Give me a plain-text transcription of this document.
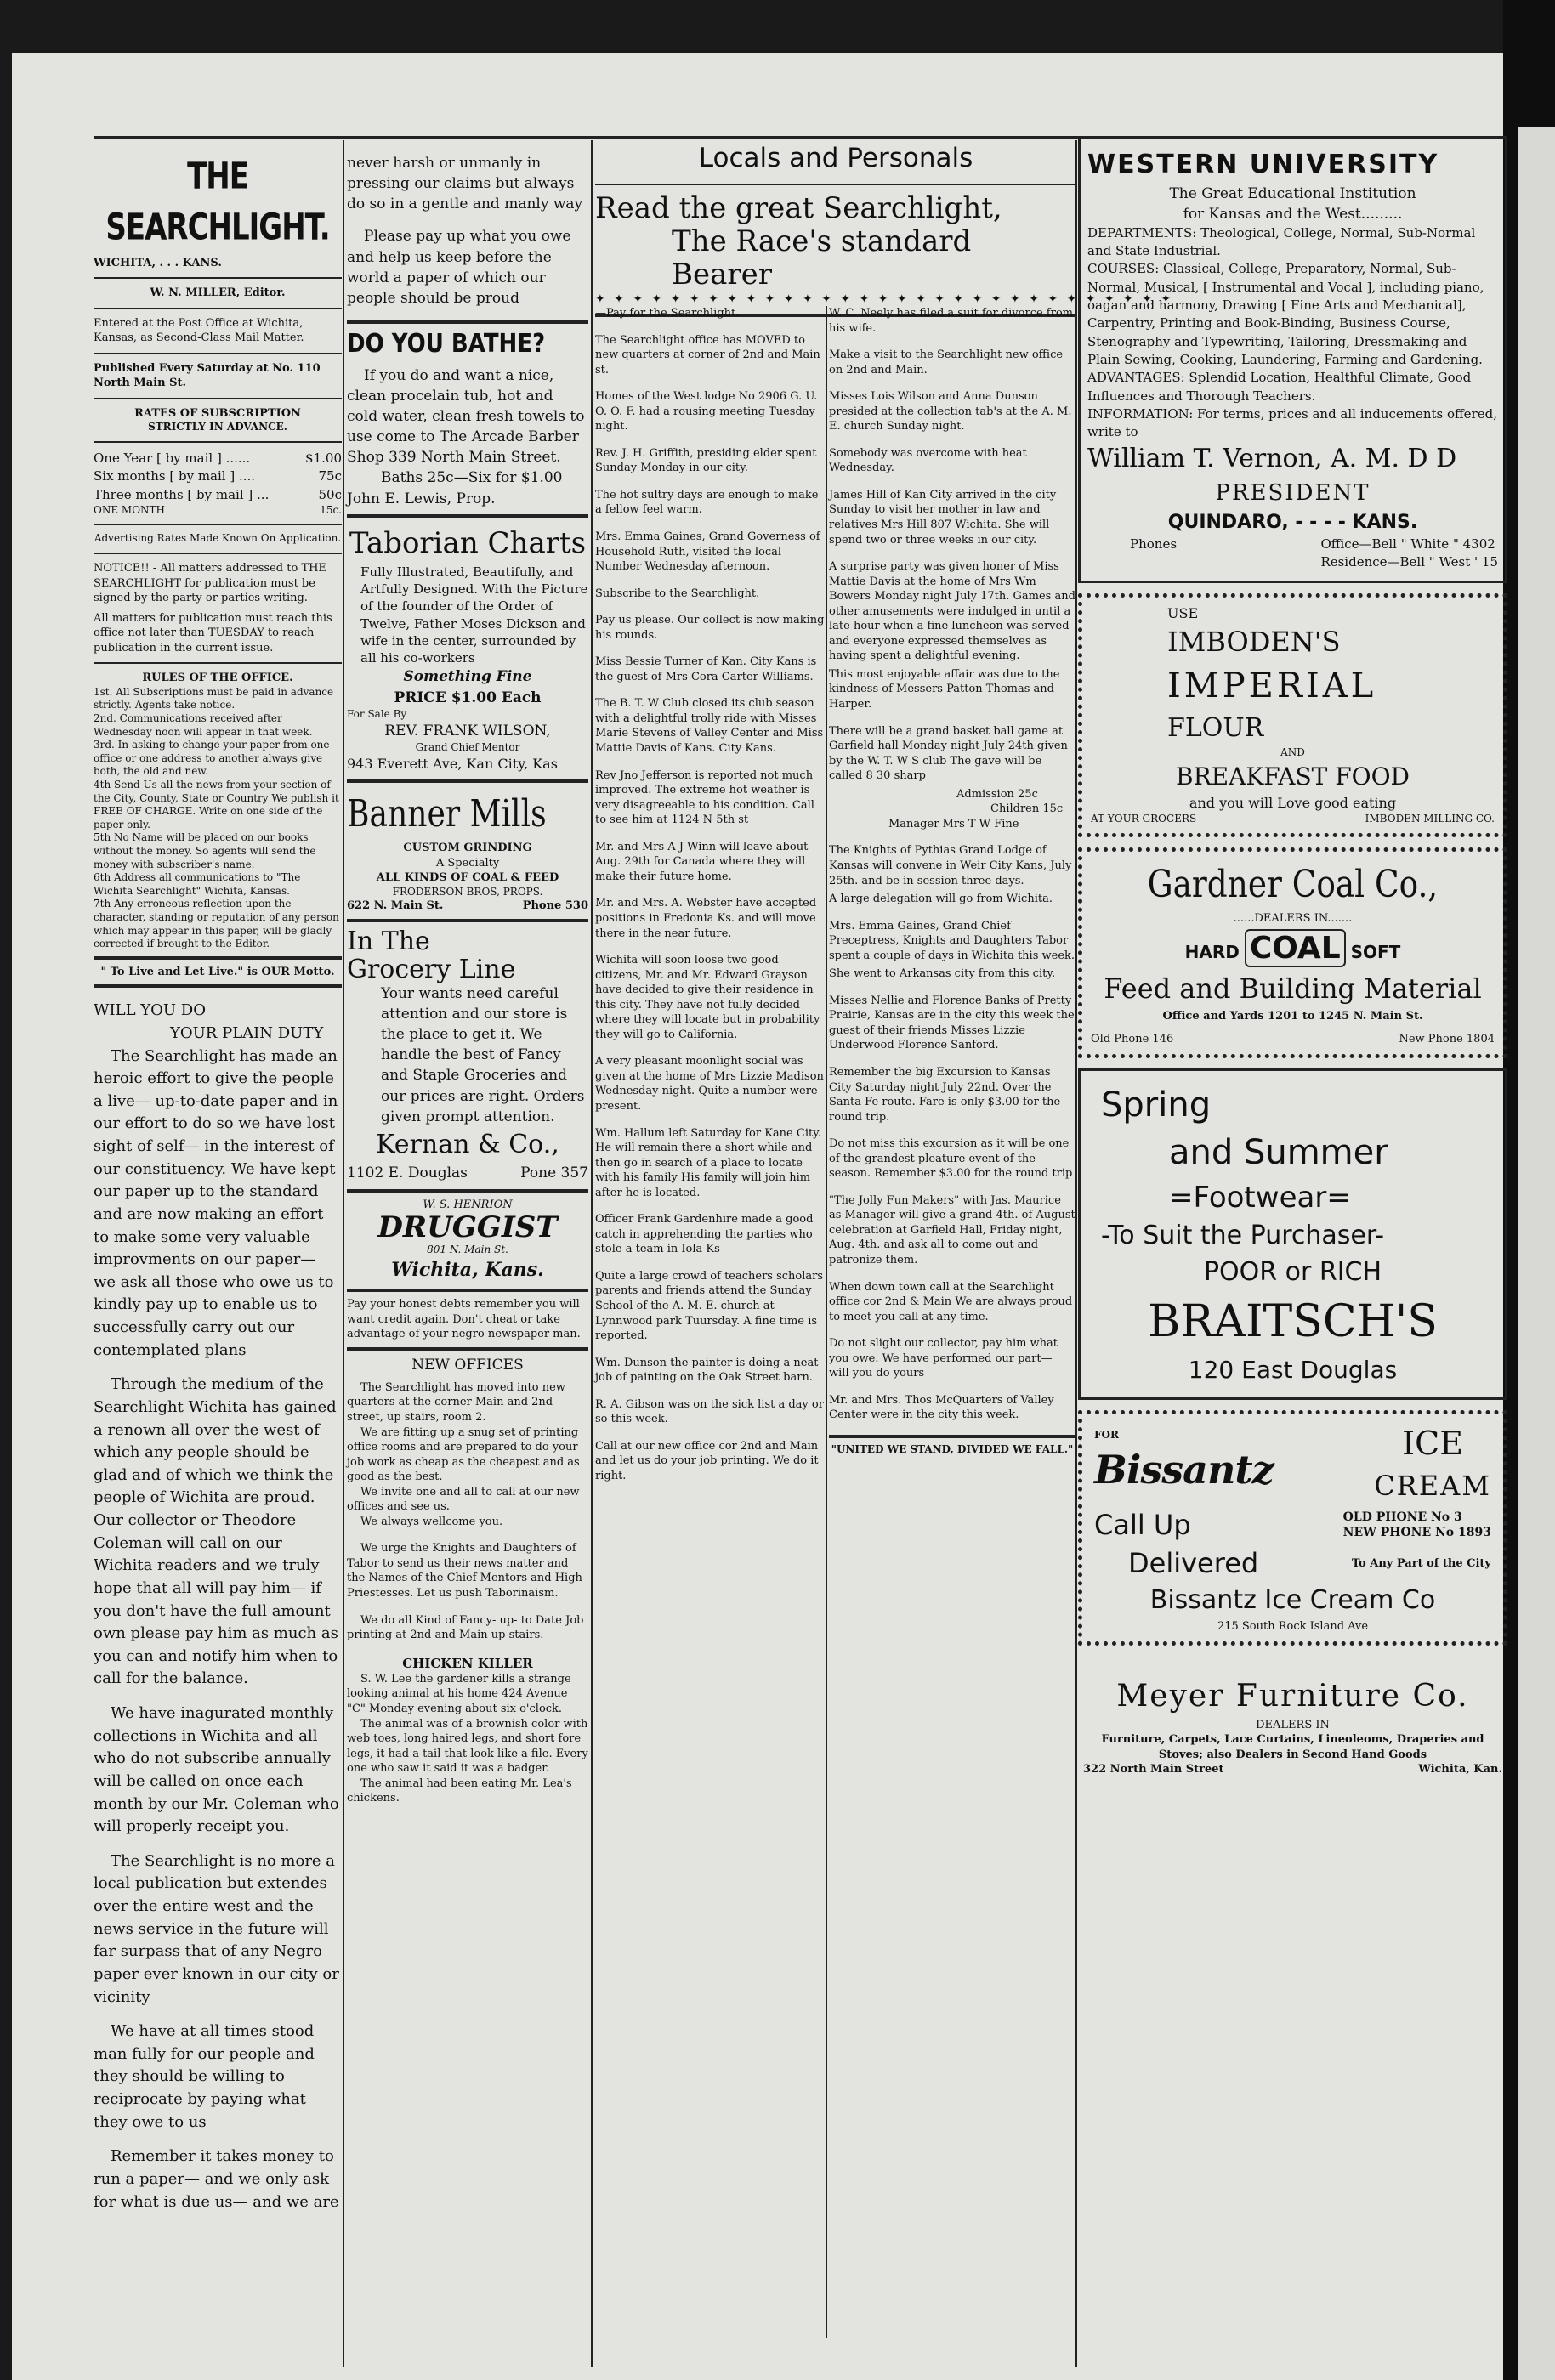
THE SEARCHLIGHT.
WICHITA, . . . KANS.
W. N. MILLER, Editor.
Entered at the Post Office at Wichita, Kansas, as Second-Class Mail Matter.
Published Every Saturday at No. 110 North Main St.
RATES OF SUBSCRIPTION
STRICTLY IN ADVANCE.
One Year [ by mail ] ......	$1.00
Six months [ by mail ] ....	75c
Three months [ by mail ] ...	50c
ONE MONTH	15c.
Advertising Rates Made Known On Application.
NOTICE!! - All matters addressed to THE SEARCHLIGHT for publication must be signed by the party or parties writing.
All matters for publication must reach this office not later than TUESDAY to reach publication in the current issue.
RULES OF THE OFFICE.
1st. All Subscriptions must be paid in advance strictly. Agents take notice.
2nd. Communications received after Wednesday noon will appear in that week.
3rd. In asking to change your paper from one office or one address to another always give both, the old and new.
4th Send Us all the news from your section of the City, County, State or Country We publish it FREE OF CHARGE. Write on one side of the paper only.
5th No Name will be placed on our books without the money. So agents will send the money with subscriber's name.
6th Address all communications to "The Wichita Searchlight" Wichita, Kansas.
7th Any erroneous reflection upon the character, standing or reputation of any person which may appear in this paper, will be gladly corrected if brought to the Editor.
" To Live and Let Live." is OUR Motto.
WILL YOU DO
YOUR PLAIN DUTY

The Searchlight has made an heroic effort to give the people a live— up-to-date paper and in our effort to do so we have lost sight of self— in the interest of our constituency. We have kept our paper up to the standard and are now making an effort to make some very valuable improvments on our paper— we ask all those who owe us to kindly pay up to enable us to successfully carry out our contemplated plans

Through the medium of the Searchlight Wichita has gained a renown all over the west of which any people should be glad and of which we think the people of Wichita are proud. Our collector or Theodore Coleman will call on our Wichita readers and we truly hope that all will pay him— if you don't have the full amount own please pay him as much as you can and notify him when to call for the balance.

We have inagurated monthly collections in Wichita and all who do not subscribe annually will be called on once each month by our Mr. Coleman who will properly receipt you.

The Searchlight is no more a local publication but extendes over the entire west and the news service in the future will far surpass that of any Negro paper ever known in our city or vicinity

We have at all times stood man fully for our people and they should be willing to reciprocate by paying what they owe to us

Remember it takes money to run a paper— and we only ask for what is due us— and we are

never harsh or unmanly in pressing our claims but always do so in a gentle and manly way

Please pay up what you owe and help us keep before the world a paper of which our people should be proud

DO YOU BATHE?
If you do and want a nice, clean procelain tub, hot and cold water, clean fresh towels to use come to The Arcade Barber Shop 339 North Main Street.
Baths 25c—Six for $1.00
John E. Lewis, Prop.
Taborian Charts
Fully Illustrated, Beautifully, and Artfully Designed. With the Picture of the founder of the Order of Twelve, Father Moses Dickson and wife in the center, surrounded by all his co-workers
Something Fine
PRICE $1.00 Each
For Sale By
REV. FRANK WILSON,
Grand Chief Mentor
943 Everett Ave, Kan City, Kas
Banner Mills
CUSTOM GRINDING
A Specialty
ALL KINDS OF COAL & FEED
FRODERSON BROS, PROPS.
622 N. Main St.	Phone 530
In The
Grocery Line
Your wants need careful attention and our store is the place to get it. We handle the best of Fancy and Staple Groceries and our prices are right. Orders given prompt attention.
Kernan & Co.,
1102 E. Douglas	Pone 357
W. S. HENRION
DRUGGIST
801 N. Main St.
Wichita, Kans.
Pay your honest debts remember you will want credit again. Don't cheat or take advantage of your negro newspaper man.
NEW OFFICES
The Searchlight has moved into new quarters at the corner Main and 2nd street, up stairs, room 2.
We are fitting up a snug set of printing office rooms and are prepared to do your job work as cheap as the cheapest and as good as the best.
We invite one and all to call at our new offices and see us.
We always wellcome you.
We urge the Knights and Daughters of Tabor to send us their news matter and the Names of the Chief Mentors and High Priestesses. Let us push Taborinaism.
We do all Kind of Fancy- up- to Date Job printing at 2nd and Main up stairs.
CHICKEN KILLER
S. W. Lee the gardener kills a strange looking animal at his home 424 Avenue "C" Monday evening about six o'clock.
The animal was of a brownish color with web toes, long haired legs, and short fore legs, it had a tail that look like a file. Every one who saw it said it was a badger.
The animal had been eating Mr. Lea's chickens.
Locals and Personals
Read the great Searchlight,
The Race's standard Bearer
✦ ✦ ✦ ✦ ✦ ✦ ✦ ✦ ✦ ✦ ✦ ✦ ✦ ✦ ✦ ✦ ✦ ✦ ✦ ✦ ✦ ✦ ✦ ✦ ✦ ✦ ✦ ✦ ✦ ✦ ✦

—Pay for the Searchlight.

The Searchlight office has MOVED to new quarters at corner of 2nd and Main st.

Homes of the West lodge No 2906 G. U. O. O. F. had a rousing meeting Tuesday night.

Rev. J. H. Griffith, presiding elder spent Sunday Monday in our city.

The hot sultry days are enough to make a fellow feel warm.

Mrs. Emma Gaines, Grand Governess of Household Ruth, visited the local Number Wednesday afternoon.

Subscribe to the Searchlight.

Pay us please. Our collect is now making his rounds.

Miss Bessie Turner of Kan. City Kans is the guest of Mrs Cora Carter Williams.

The B. T. W Club closed its club season with a delightful trolly ride with Misses Marie Stevens of Valley Center and Miss Mattie Davis of Kans. City Kans.

Rev Jno Jefferson is reported not much improved. The extreme hot weather is very disagreeable to his condition. Call to see him at 1124 N 5th st

Mr. and Mrs A J Winn will leave about Aug. 29th for Canada where they will make their future home.

Mr. and Mrs. A. Webster have accepted positions in Fredonia Ks. and will move there in the near future.

Wichita will soon loose two good citizens, Mr. and Mr. Edward Grayson have decided to give their residence in this city. They have not fully decided where they will locate but in probability they will go to California.

A very pleasant moonlight social was given at the home of Mrs Lizzie Madison Wednesday night. Quite a number were present.

Wm. Hallum left Saturday for Kane City. He will remain there a short while and then go in search of a place to locate with his family His family will join him after he is located.

Officer Frank Gardenhire made a good catch in apprehending the parties who stole a team in Iola Ks

Quite a large crowd of teachers scholars parents and friends attend the Sunday School of the A. M. E. church at Lynnwood park Tuursday. A fine time is reported.

Wm. Dunson the painter is doing a neat job of painting on the Oak Street barn.

R. A. Gibson was on the sick list a day or so this week.

Call at our new office cor 2nd and Main and let us do your job printing. We do it right.

W. C. Neely has filed a suit for divorce from his wife.

Make a visit to the Searchlight new office on 2nd and Main.

Misses Lois Wilson and Anna Dunson presided at the collection tab's at the A. M. E. church Sunday night.

Somebody was overcome with heat Wednesday.

James Hill of Kan City arrived in the city Sunday to visit her mother in law and relatives Mrs Hill 807 Wichita. She will spend two or three weeks in our city.

A surprise party was given honer of Miss Mattie Davis at the home of Mrs Wm Bowers Monday night July 17th. Games and other amusements were indulged in until a late hour when a fine luncheon was served and everyone expressed themselves as having spent a delightful evening.

This most enjoyable affair was due to the kindness of Messers Patton Thomas and Harper.

There will be a grand basket ball game at Garfield hall Monday night July 24th given by the W. T. W S club The gave will be called 8 30 sharp

Admission 25c
Children 15c

Manager Mrs T W Fine

The Knights of Pythias Grand Lodge of Kansas will convene in Weir City Kans, July 25th. and be in session three days.

A large delegation will go from Wichita.

Mrs. Emma Gaines, Grand Chief Preceptress, Knights and Daughters Tabor spent a couple of days in Wichita this week.

She went to Arkansas city from this city.

Misses Nellie and Florence Banks of Pretty Prairie, Kansas are in the city this week the guest of their friends Misses Lizzie Underwood Florence Sanford.

Remember the big Excursion to Kansas City Saturday night July 22nd. Over the Santa Fe route. Fare is only $3.00 for the round trip.

Do not miss this excursion as it will be one of the grandest pleature event of the season. Remember $3.00 for the round trip

"The Jolly Fun Makers" with Jas. Maurice as Manager will give a grand 4th. of August celebration at Garfield Hall, Friday night, Aug. 4th. and ask all to come out and patronize them.

When down town call at the Searchlight office cor 2nd & Main We are always proud to meet you call at any time.

Do not slight our collector, pay him what you owe. We have performed our part— will you do yours

Mr. and Mrs. Thos McQuarters of Valley Center were in the city this week.

"UNITED WE STAND, DIVIDED WE FALL."
WESTERN UNIVERSITY
The Great Educational Institution
for Kansas and the West.........
DEPARTMENTS: Theological, College, Normal, Sub-Normal and State Industrial.
COURSES: Classical, College, Preparatory, Normal, Sub-Normal, Musical, [ Instrumental and Vocal ], including piano, oagan and harmony, Drawing [ Fine Arts and Mechanical], Carpentry, Printing and Book-Binding, Business Course, Stenography and Typewriting, Tailoring, Dressmaking and Plain Sewing, Cooking, Laundering, Farming and Gardening.
ADVANTAGES: Splendid Location, Healthful Climate, Good Influences and Thorough Teachers.
INFORMATION: For terms, prices and all inducements offered, write to
William T. Vernon, A. M. D D
PRESIDENT
QUINDARO, - - - - KANS.
Phones	Office—Bell " White " 4302
Residence—Bell " West ' 15
USE
IMBODEN'S
IMPERIAL
FLOUR
AND
BREAKFAST FOOD
and you will Love good eating
AT YOUR GROCERS	IMBODEN MILLING CO.
Gardner Coal Co.,
......DEALERS IN.......
HARD COAL SOFT
Feed and Building Material
Office and Yards 1201 to 1245 N. Main St.
Old Phone 146	New Phone 1804
Spring
and Summer
=Footwear=
-To Suit the Purchaser-
POOR or RICH
BRAITSCH'S
120 East Douglas
FOR
Bissantz
ICE
CREAM
Call Up	OLD PHONE No 3
NEW PHONE No 1893
Delivered	To Any Part of the City
Bissantz Ice Cream Co
215 South Rock Island Ave
Meyer Furniture Co.
DEALERS IN
Furniture, Carpets, Lace Curtains, Lineoleoms, Draperies and Stoves; also Dealers in Second Hand Goods
322 North Main Street	Wichita, Kan.
